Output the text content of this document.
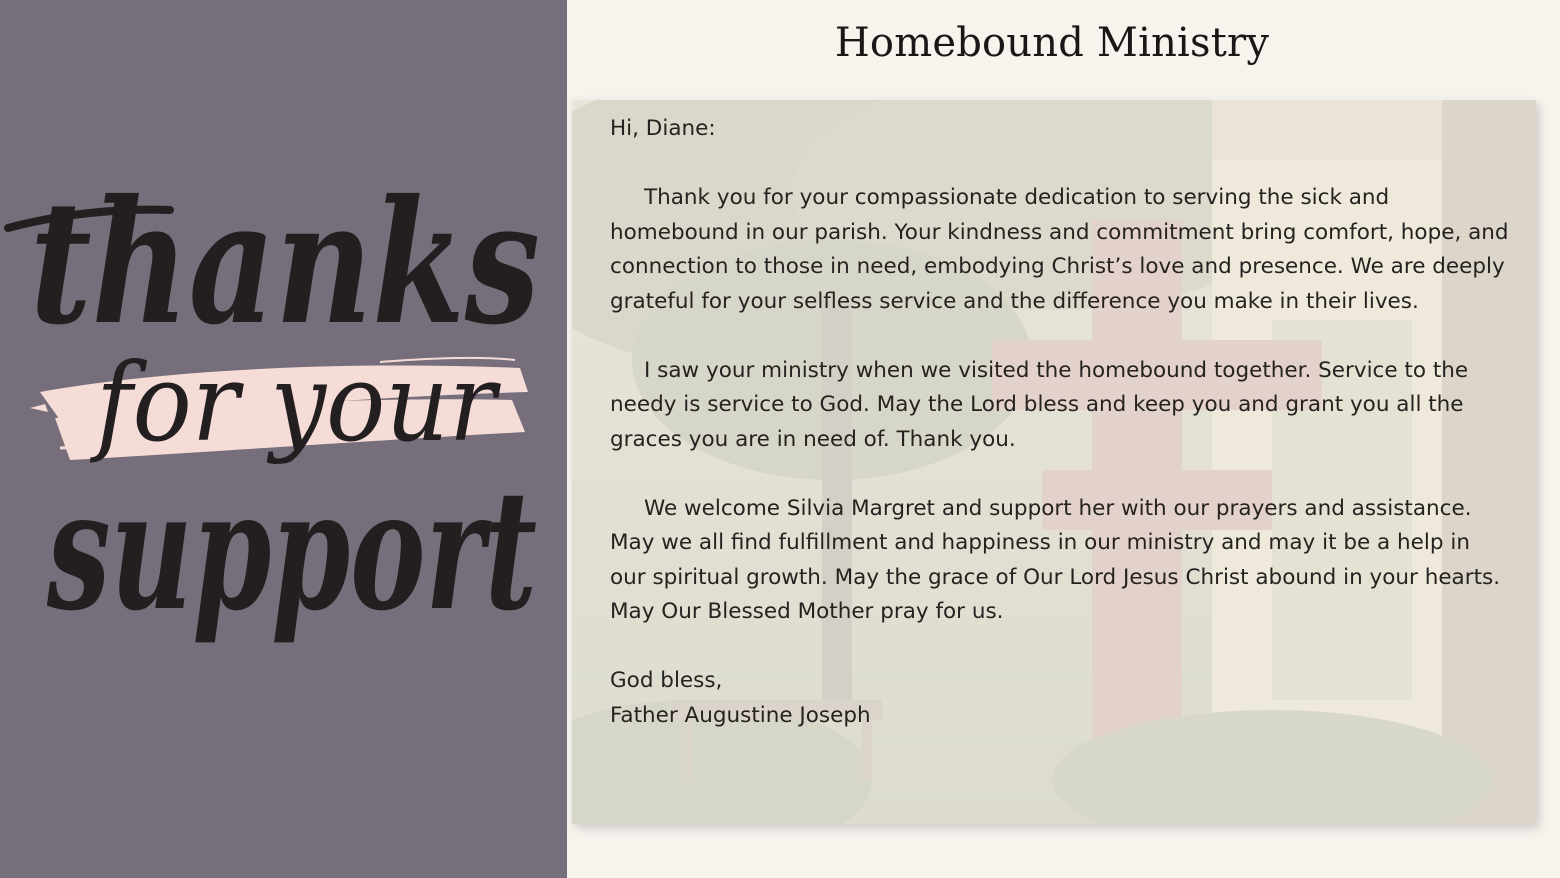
thanks
for your
support
Homebound Ministry

Hi, Diane:

Thank you for your compassionate dedication to serving the sick and homebound in our parish. Your kindness and commitment bring comfort, hope, and connection to those in need, embodying Christ’s love and presence. We are deeply grateful for your selfless service and the difference you make in their lives.

I saw your ministry when we visited the homebound together. Service to the needy is service to God. May the Lord bless and keep you and grant you all the graces you are in need of. Thank you.

We welcome Silvia Margret and support her with our prayers and assistance. May we all find fulfillment and happiness in our ministry and may it be a help in our spiritual growth. May the grace of Our Lord Jesus Christ abound in your hearts. May Our Blessed Mother pray for us.

God bless,
Father Augustine Joseph
